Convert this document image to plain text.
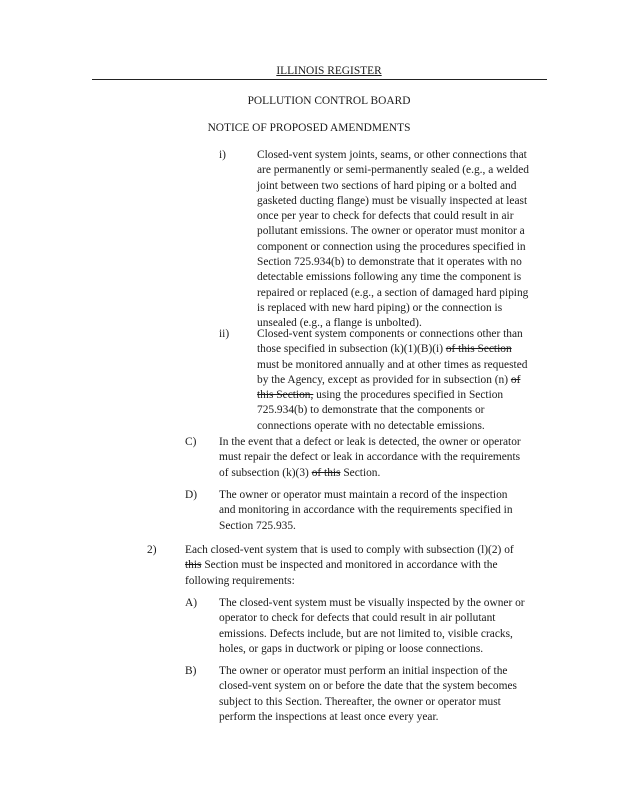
ILLINOIS REGISTER
POLLUTION CONTROL BOARD
NOTICE OF PROPOSED AMENDMENTS
i)	Closed-vent system joints, seams, or other connections that
are permanently or semi-permanently sealed (e.g., a welded
joint between two sections of hard piping or a bolted and
gasketed ducting flange) must be visually inspected at least
once per year to check for defects that could result in air
pollutant emissions. The owner or operator must monitor a
component or connection using the procedures specified in
Section 725.934(b) to demonstrate that it operates with no
detectable emissions following any time the component is
repaired or replaced (e.g., a section of damaged hard piping
is replaced with new hard piping) or the connection is
unsealed (e.g., a flange is unbolted).
ii) Closed-vent system components or connections other than
those specified in subsection (k)(1)(B)(i) of this Section
must be monitored annually and at other times as requested
by the Agency, except as provided for in subsection (n) of
this Section, using the procedures specified in Section
725.934(b) to demonstrate that the components or
connections operate with no detectable emissions.
C) In the event that a defect or leak is detected, the owner or operator
must repair the defect or leak in accordance with the requirements
of subsection (k)(3) of this Section.
D) The owner or operator must maintain a record of the inspection
and monitoring in accordance with the requirements specified in
Section 725.935.
2)	Each closed-vent system that is used to comply with subsection (l)(2) of
this Section must be inspected and monitored in accordance with the
following requirements:
A) The closed-vent system must be visually inspected by the owner or
operator to check for defects that could result in air pollutant
emissions. Defects include, but are not limited to, visible cracks,
holes, or gaps in ductwork or piping or loose connections.
B) The owner or operator must perform an initial inspection of the
closed-vent system on or before the date that the system becomes
subject to this Section. Thereafter, the owner or operator must
perform the inspections at least once every year.
